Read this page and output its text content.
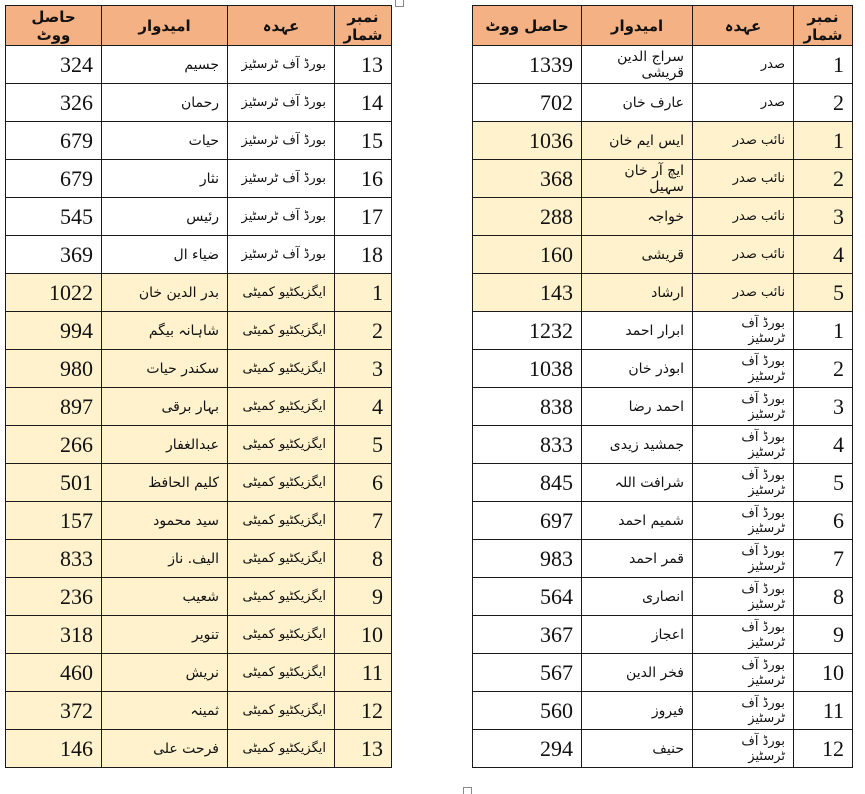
حاصل ووٹ	امیدوار	عہدہ	نمبر شمار
324	جسیم	بورڈ آف ٹرسٹیز	13
326	رحمان	بورڈ آف ٹرسٹیز	14
679	حیات	بورڈ آف ٹرسٹیز	15
679	نثار	بورڈ آف ٹرسٹیز	16
545	رئیس	بورڈ آف ٹرسٹیز	17
369	ضیاء ال	بورڈ آف ٹرسٹیز	18
1022	بدر الدین خان	ایگزیکٹیو کمیٹی	1
994	شاہانہ بیگم	ایگزیکٹیو کمیٹی	2
980	سکندر حیات	ایگزیکٹیو کمیٹی	3
897	بہار برقی	ایگزیکٹیو کمیٹی	4
266	عبدالغفار	ایگزیکٹیو کمیٹی	5
501	کلیم الحافظ	ایگزیکٹیو کمیٹی	6
157	سید محمود	ایگزیکٹیو کمیٹی	7
833	الیف. ناز	ایگزیکٹیو کمیٹی	8
236	شعیب	ایگزیکٹیو کمیٹی	9
318	تنویر	ایگزیکٹیو کمیٹی	10
460	نریش	ایگزیکٹیو کمیٹی	11
372	ثمینہ	ایگزیکٹیو کمیٹی	12
146	فرحت علی	ایگزیکٹیو کمیٹی	13
حاصل ووٹ	امیدوار	عہدہ	نمبر شمار
1339	سراج الدین قریشی	صدر	1
702	عارف خان	صدر	2
1036	ایس ایم خان	نائب صدر	1
368	ایچ آر خان سہیل	نائب صدر	2
288	خواجہ	نائب صدر	3
160	قریشی	نائب صدر	4
143	ارشاد	نائب صدر	5
1232	ابرار احمد	بورڈ آف ٹرسٹیز	1
1038	ابوذر خان	بورڈ آف ٹرسٹیز	2
838	احمد رضا	بورڈ آف ٹرسٹیز	3
833	جمشید زیدی	بورڈ آف ٹرسٹیز	4
845	شرافت اللہ	بورڈ آف ٹرسٹیز	5
697	شمیم احمد	بورڈ آف ٹرسٹیز	6
983	قمر احمد	بورڈ آف ٹرسٹیز	7
564	انصاری	بورڈ آف ٹرسٹیز	8
367	اعجاز	بورڈ آف ٹرسٹیز	9
567	فخر الدین	بورڈ آف ٹرسٹیز	10
560	فیروز	بورڈ آف ٹرسٹیز	11
294	حنیف	بورڈ آف ٹرسٹیز	12
